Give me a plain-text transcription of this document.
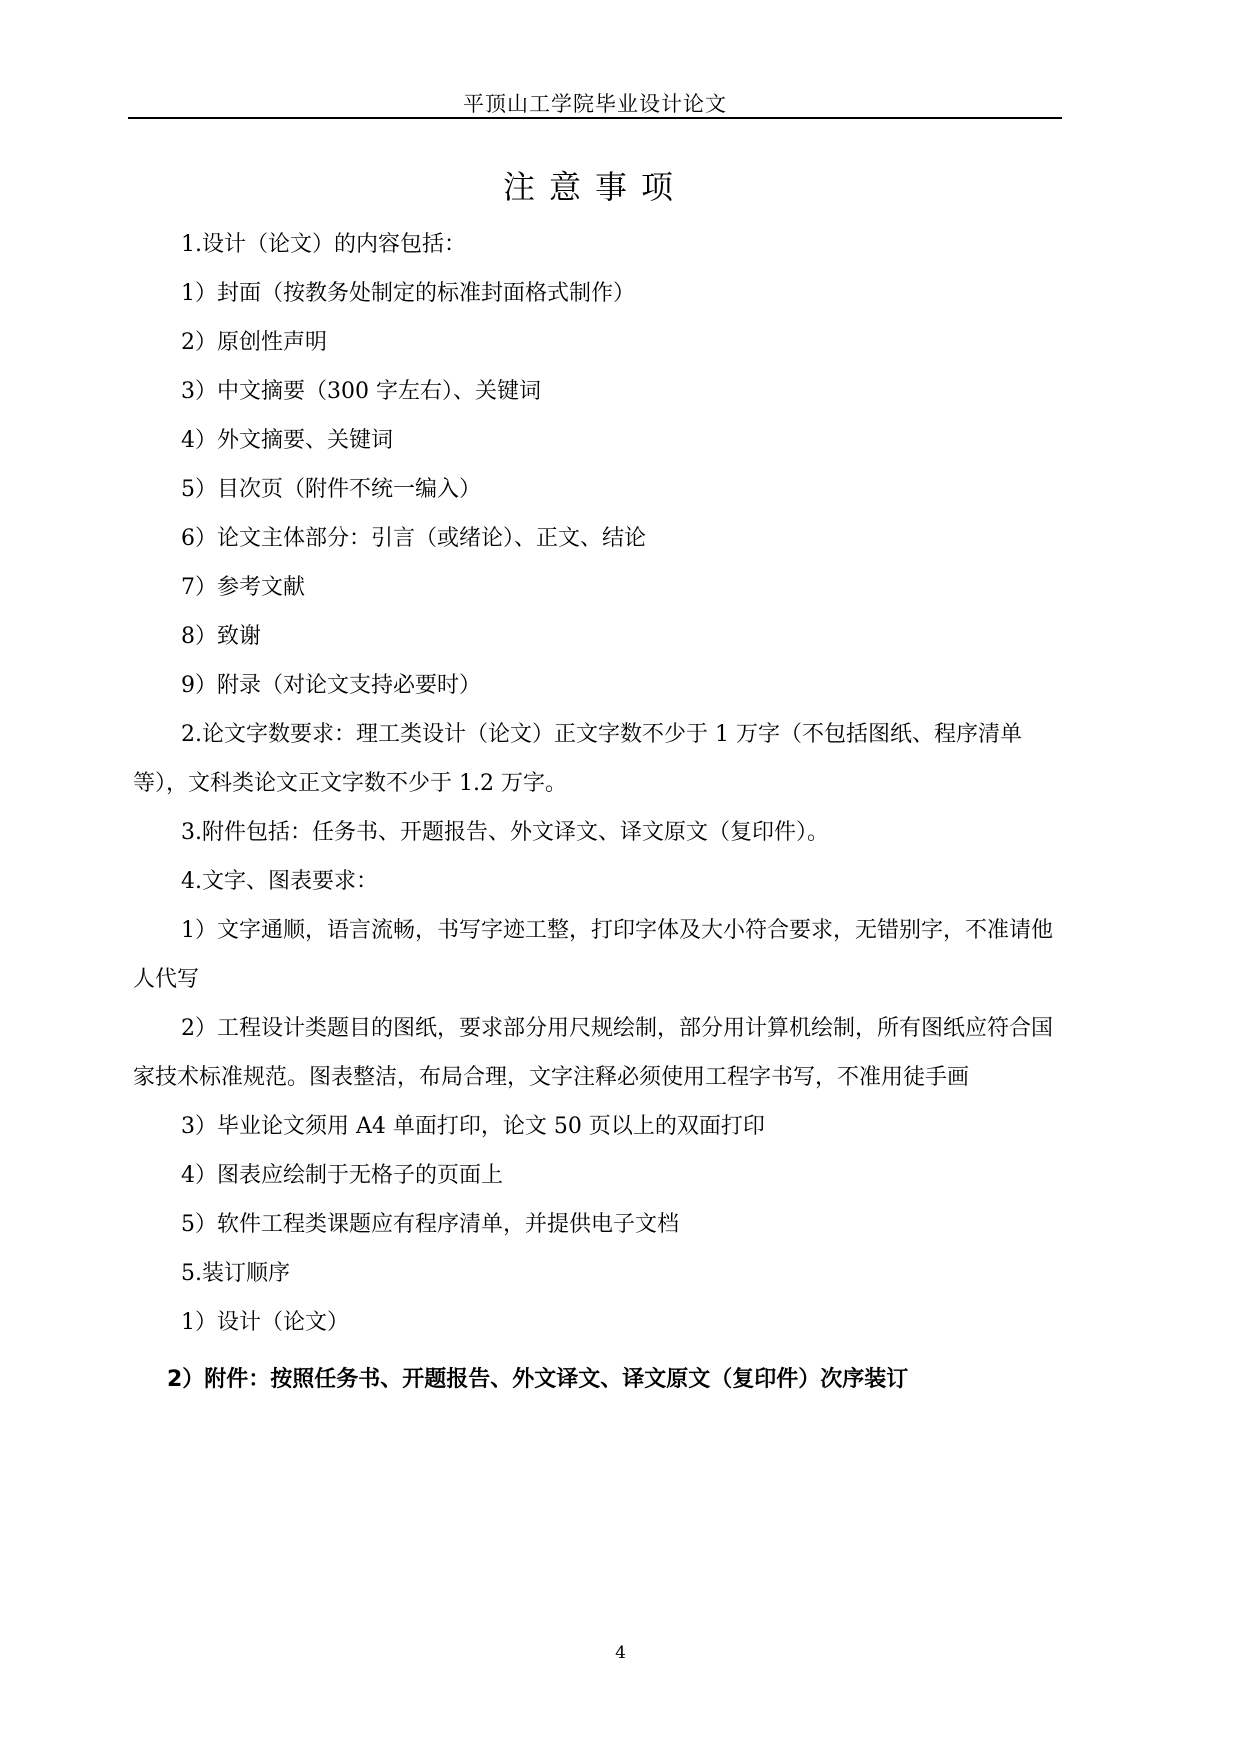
平顶山工学院毕业设计论文
注意事项

1.设计（论文）的内容包括：

1）封面（按教务处制定的标准封面格式制作）

2）原创性声明

3）中文摘要（300 字左右）、关键词

4）外文摘要、关键词

5）目次页（附件不统一编入）

6）论文主体部分：引言（或绪论）、正文、结论

7）参考文献

8）致谢

9）附录（对论文支持必要时）

2.论文字数要求：理工类设计（论文）正文字数不少于 1 万字（不包括图纸、程序清单等），文科类论文正文字数不少于 1.2 万字。

3.附件包括：任务书、开题报告、外文译文、译文原文（复印件）。

4.文字、图表要求：

1）文字通顺，语言流畅，书写字迹工整，打印字体及大小符合要求，无错别字，不准请他人代写

2）工程设计类题目的图纸，要求部分用尺规绘制，部分用计算机绘制，所有图纸应符合国家技术标准规范。图表整洁，布局合理，文字注释必须使用工程字书写，不准用徒手画

3）毕业论文须用 A4 单面打印，论文 50 页以上的双面打印

4）图表应绘制于无格子的页面上

5）软件工程类课题应有程序清单，并提供电子文档

5.装订顺序

1）设计（论文）

2）附件：按照任务书、开题报告、外文译文、译文原文（复印件）次序装订

4
